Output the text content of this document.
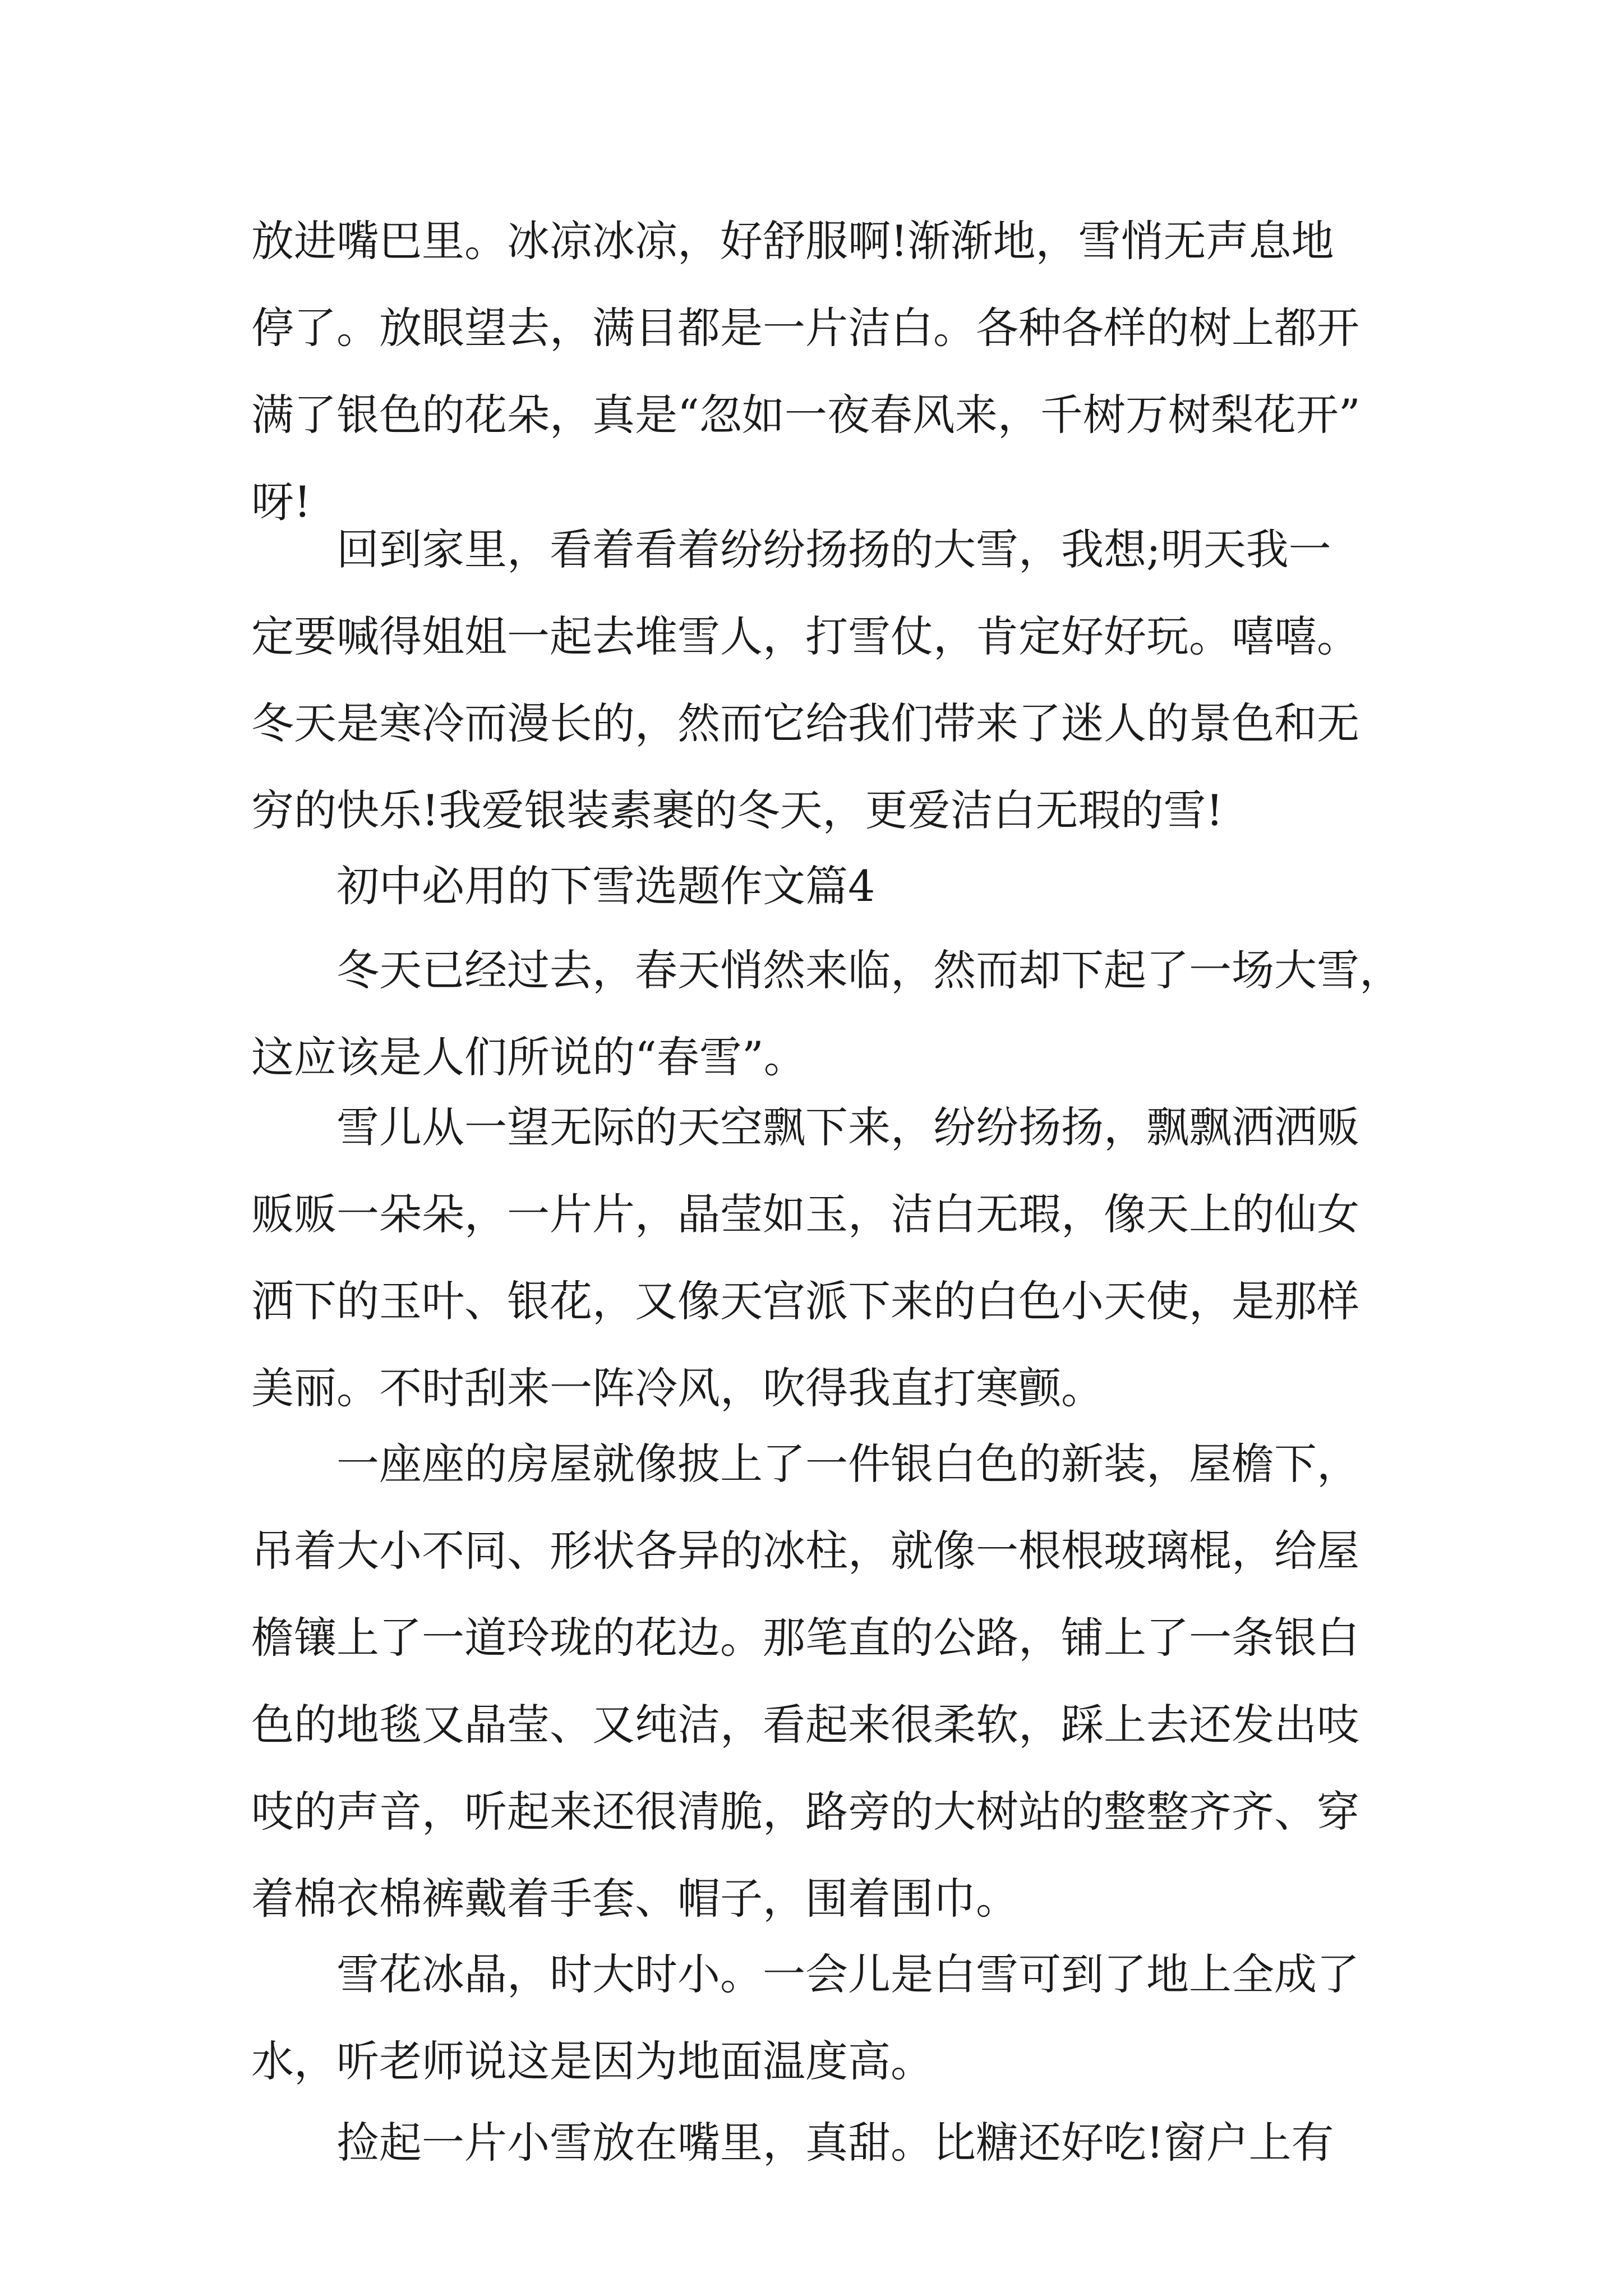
放进嘴巴里。冰凉冰凉，好舒服啊!渐渐地，雪悄无声息地

停了。放眼望去，满目都是一片洁白。各种各样的树上都开

满了银色的花朵，真是“忽如一夜春风来，千树万树梨花开”

呀!

回到家里，看着看着纷纷扬扬的大雪，我想;明天我一

定要喊得姐姐一起去堆雪人，打雪仗，肯定好好玩。嘻嘻。

冬天是寒冷而漫长的，然而它给我们带来了迷人的景色和无

穷的快乐!我爱银装素裹的冬天，更爱洁白无瑕的雪!

初中必用的下雪选题作文篇4

冬天已经过去，春天悄然来临，然而却下起了一场大雪，

这应该是人们所说的“春雪”。

雪儿从一望无际的天空飘下来，纷纷扬扬，飘飘洒洒贩

贩贩一朵朵，一片片，晶莹如玉，洁白无瑕，像天上的仙女

洒下的玉叶、银花，又像天宫派下来的白色小天使，是那样

美丽。不时刮来一阵冷风，吹得我直打寒颤。

一座座的房屋就像披上了一件银白色的新装，屋檐下，

吊着大小不同、形状各异的冰柱，就像一根根玻璃棍，给屋

檐镶上了一道玲珑的花边。那笔直的公路，铺上了一条银白

色的地毯又晶莹、又纯洁，看起来很柔软，踩上去还发出吱

吱的声音，听起来还很清脆，路旁的大树站的整整齐齐、穿

着棉衣棉裤戴着手套、帽子，围着围巾。

雪花冰晶，时大时小。一会儿是白雪可到了地上全成了

水，听老师说这是因为地面温度高。

捡起一片小雪放在嘴里，真甜。比糖还好吃!窗户上有
